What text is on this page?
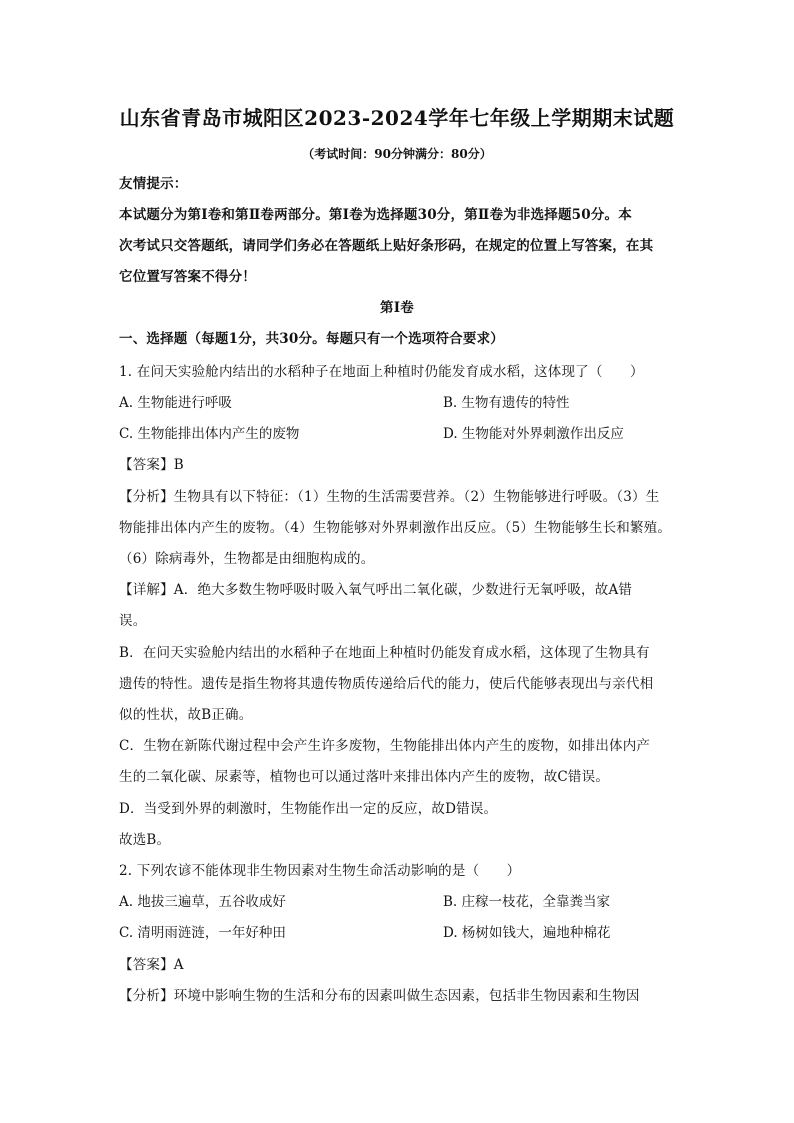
山东省青岛市城阳区2023-2024学年七年级上学期期末试题
（考试时间：90分钟满分：80分）
友情提示：
本试题分为第Ⅰ卷和第Ⅱ卷两部分。第Ⅰ卷为选择题30分，第Ⅱ卷为非选择题50分。本
次考试只交答题纸，请同学们务必在答题纸上贴好条形码，在规定的位置上写答案，在其
它位置写答案不得分！
第Ⅰ卷
一、选择题（每题1分，共30分。每题只有一个选项符合要求）
1. 在问天实验舱内结出的水稻种子在地面上种植时仍能发育成水稻，这体现了（　　）
A. 生物能进行呼吸	B. 生物有遗传的特性
C. 生物能排出体内产生的废物	D. 生物能对外界刺激作出反应
【答案】B
【分析】生物具有以下特征：（1）生物的生活需要营养。（2）生物能够进行呼吸。（3）生
物能排出体内产生的废物。（4）生物能够对外界刺激作出反应。（5）生物能够生长和繁殖。
（6）除病毒外，生物都是由细胞构成的。
【详解】A．绝大多数生物呼吸时吸入氧气呼出二氧化碳，少数进行无氧呼吸，故A错
误。
B．在问天实验舱内结出的水稻种子在地面上种植时仍能发育成水稻，这体现了生物具有
遗传的特性。遗传是指生物将其遗传物质传递给后代的能力，使后代能够表现出与亲代相
似的性状，故B正确。
C．生物在新陈代谢过程中会产生许多废物，生物能排出体内产生的废物，如排出体内产
生的二氧化碳、尿素等，植物也可以通过落叶来排出体内产生的废物，故C错误。
D．当受到外界的刺激时，生物能作出一定的反应，故D错误。
故选B。
2. 下列农谚不能体现非生物因素对生物生命活动影响的是（　　）
A. 地拔三遍草，五谷收成好	B. 庄稼一枝花，全靠粪当家
C. 清明雨涟涟，一年好种田	D. 杨树如钱大，遍地种棉花
【答案】A
【分析】环境中影响生物的生活和分布的因素叫做生态因素，包括非生物因素和生物因
